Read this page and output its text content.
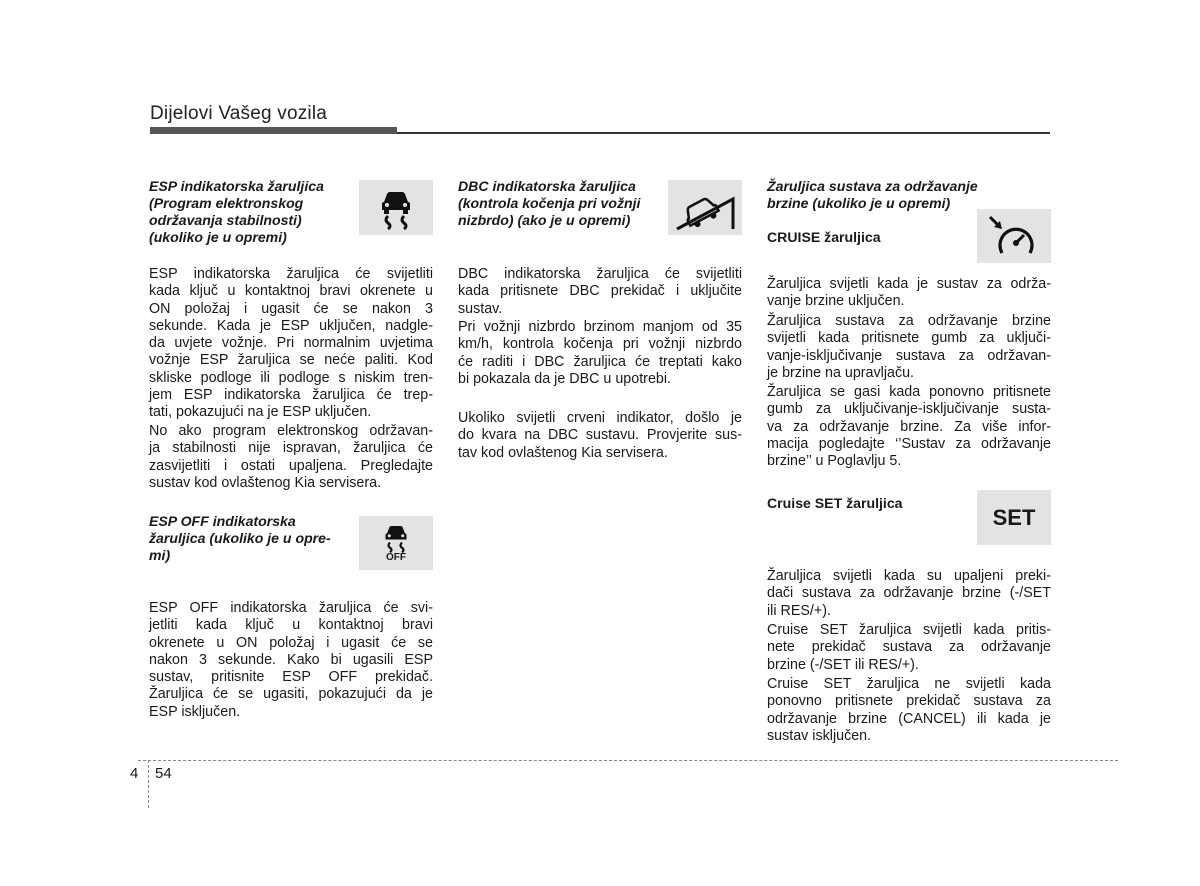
Dijelovi Vašeg vozila
ESP indikatorska žaruljica
(Program elektronskog
održavanja stabilnosti)
(ukoliko je u opremi)
ESP indikatorska žaruljica će svijetliti
kada ključ u kontaktnoj bravi okrenete u
ON položaj i ugasit će se nakon 3
sekunde. Kada je ESP uključen, nadgle-
da uvjete vožnje. Pri normalnim uvjetima
vožnje ESP žaruljica se neće paliti. Kod
skliske podloge ili podloge s niskim tren-
jem ESP indikatorska žaruljica će trep-
tati, pokazujući na je ESP uključen.
No ako program elektronskog održavan-
ja stabilnosti nije ispravan, žaruljica će
zasvijetliti i ostati upaljena. Pregledajte
sustav kod ovlaštenog Kia servisera.
ESP OFF indikatorska
žaruljica (ukoliko je u opre-
mi)	OFF
ESP OFF indikatorska žaruljica će svi-
jetliti kada ključ u kontaktnoj bravi
okrenete u ON položaj i ugasit će se
nakon 3 sekunde. Kako bi ugasili ESP
sustav, pritisnite ESP OFF prekidač.
Žaruljica će se ugasiti, pokazujući da je
ESP isključen.
DBC indikatorska žaruljica
(kontrola kočenja pri vožnji
nizbrdo) (ako je u opremi)
DBC indikatorska žaruljica će svijetliti
kada pritisnete DBC prekidač i uključite
sustav.
Pri vožnji nizbrdo brzinom manjom od 35
km/h, kontrola kočenja pri vožnji nizbrdo
će raditi i DBC žaruljica će treptati kako
bi pokazala da je DBC u upotrebi.
Ukoliko svijetli crveni indikator, došlo je
do kvara na DBC sustavu. Provjerite sus-
tav kod ovlaštenog Kia servisera.
Žaruljica sustava za održavanje
brzine (ukoliko je u opremi)
CRUISE žaruljica
Žaruljica svijetli kada je sustav za održa-
vanje brzine uključen.
Žaruljica sustava za održavanje brzine
svijetli kada pritisnete gumb za uključi-
vanje-isključivanje sustava za održavan-
je brzine na upravljaču.
Žaruljica se gasi kada ponovno pritisnete
gumb za uključivanje-isključivanje susta-
va za održavanje brzine. Za više infor-
macija pogledajte ‘’Sustav za održavanje
brzine’’ u Poglavlju 5.
Cruise SET žaruljica
SET
Žaruljica svijetli kada su upaljeni preki-
dači sustava za održavanje brzine (-/SET
ili RES/+).
Cruise SET žaruljica svijetli kada pritis-
nete prekidač sustava za održavanje
brzine (-/SET ili RES/+).
Cruise SET žaruljica ne svijetli kada
ponovno pritisnete prekidač sustava za
održavanje brzine (CANCEL) ili kada je
sustav isključen.
4 54
